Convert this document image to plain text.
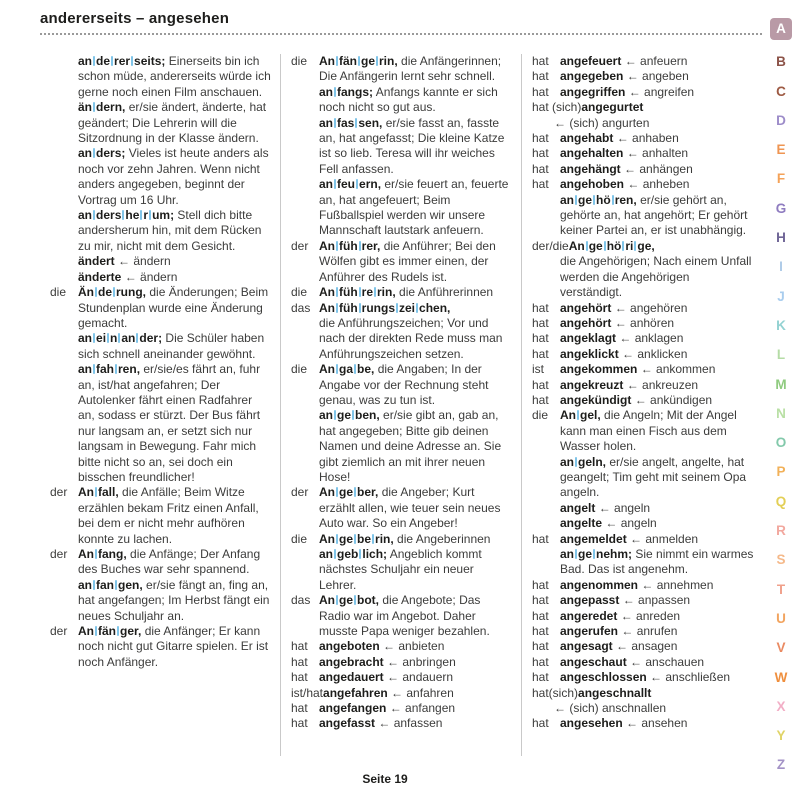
andererseits – angesehen
an de rer seits; Einerseits bin ich schon müde, andererseits würde ich gerne noch einen Film anschauen.
än dern, er/sie ändert, änderte, hat geändert; Die Lehrerin will die Sitzordnung in der Klasse ändern.
an ders; Vieles ist heute anders als noch vor zehn Jahren. Wenn nicht anders angegeben, beginnt der Vortrag um 16 Uhr.
an ders he r um; Stell dich bitte andersherum hin, mit dem Rücken zu mir, nicht mit dem Gesicht.
ändert ← ändern
änderte ← ändern
die Än de rung, die Änderungen; Beim Stundenplan wurde eine Änderung gemacht.
an ei n an der; Die Schüler haben sich schnell aneinander gewöhnt.
an fah ren, er/sie/es fährt an, fuhr an, ist/hat angefahren; Der Autolenker fährt einen Radfahrer an, sodass er stürzt. Der Bus fährt nur langsam an, er setzt sich nur langsam in Bewegung. Fahr mich bitte nicht so an, sei doch ein bisschen freundlicher!
der An fall, die Anfälle; Beim Witze erzählen bekam Fritz einen Anfall, bei dem er nicht mehr aufhören konnte zu lachen.
der An fang, die Anfänge; Der Anfang des Buches war sehr spannend.
an fan gen, er/sie fängt an, fing an, hat angefangen; Im Herbst fängt ein neues Schuljahr an.
der An fän ger, die Anfänger; Er kann noch nicht gut Gitarre spielen. Er ist noch Anfänger.
die An fän ge rin, die Anfängerinnen; Die Anfängerin lernt sehr schnell.
an fangs; Anfangs kannte er sich noch nicht so gut aus.
an fas sen, er/sie fasst an, fasste an, hat angefasst; Die kleine Katze ist so lieb. Teresa will ihr weiches Fell anfassen.
an feu ern, er/sie feuert an, feuerte an, hat angefeuert; Beim Fußballspiel werden wir unsere Mannschaft lautstark anfeuern.
der An füh rer, die Anführer; Bei den Wölfen gibt es immer einen, der Anführer des Rudels ist.
die An füh re rin, die Anführerinnen
das An füh rungs zei chen,
die Anführungszeichen; Vor und nach der direkten Rede muss man Anführungszeichen setzen.
die An ga be, die Angaben; In der Angabe vor der Rechnung steht genau, was zu tun ist.
an ge ben, er/sie gibt an, gab an, hat angegeben; Bitte gib deinen Namen und deine Adresse an. Sie gibt ziemlich an mit ihrer neuen Hose!
der An ge ber, die Angeber; Kurt erzählt allen, wie teuer sein neues Auto war. So ein Angeber!
die An ge be rin, die Angeberinnen
an geb lich; Angeblich kommt nächstes Schuljahr ein neuer Lehrer.
das An ge bot, die Angebote; Das Radio war im Angebot. Daher musste Papa weniger bezahlen.
hat angeboten ← anbieten
hat angebracht ← anbringen
hat angedauert ← andauern
ist/hatangefahren ← anfahren
hat angefangen ← anfangen
hat angefasst ← anfassen
hat angefeuert ← anfeuern
hat angegeben ← angeben
hat angegriffen ← angreifen
hat (sich)angegurtet
← (sich) angurten
hat angehabt ← anhaben
hat angehalten ← anhalten
hat angehängt ← anhängen
hat angehoben ← anheben
an ge hö ren, er/sie gehört an, gehörte an, hat angehört; Er gehört keiner Partei an, er ist unabhängig.
der/dieAn ge hö ri ge,
die Angehörigen; Nach einem Unfall werden die Angehörigen verständigt.
hat angehört ← angehören
hat angehört ← anhören
hat angeklagt ← anklagen
hat angeklickt ← anklicken
ist angekommen ← ankommen
hat angekreuzt ← ankreuzen
hat angekündigt ← ankündigen
die An gel, die Angeln; Mit der Angel kann man einen Fisch aus dem Wasser holen.
an geln, er/sie angelt, angelte, hat geangelt; Tim geht mit seinem Opa angeln.
angelt ← angeln
angelte ← angeln
hat angemeldet ← anmelden
an ge nehm; Sie nimmt ein warmes Bad. Das ist angenehm.
hat angenommen ← annehmen
hat angepasst ← anpassen
hat angeredet ← anreden
hat angerufen ← anrufen
hat angesagt ← ansagen
hat angeschaut ← anschauen
hat angeschlossen ← anschließen
hat(sich)angeschnallt
← (sich) anschnallen
hat angesehen ← ansehen
A
B
C
D
E
F
G
H
I
J
K
L
M
N
O
P
Q
R
S
T
U
V
W
X
Y
Z
Seite 19
